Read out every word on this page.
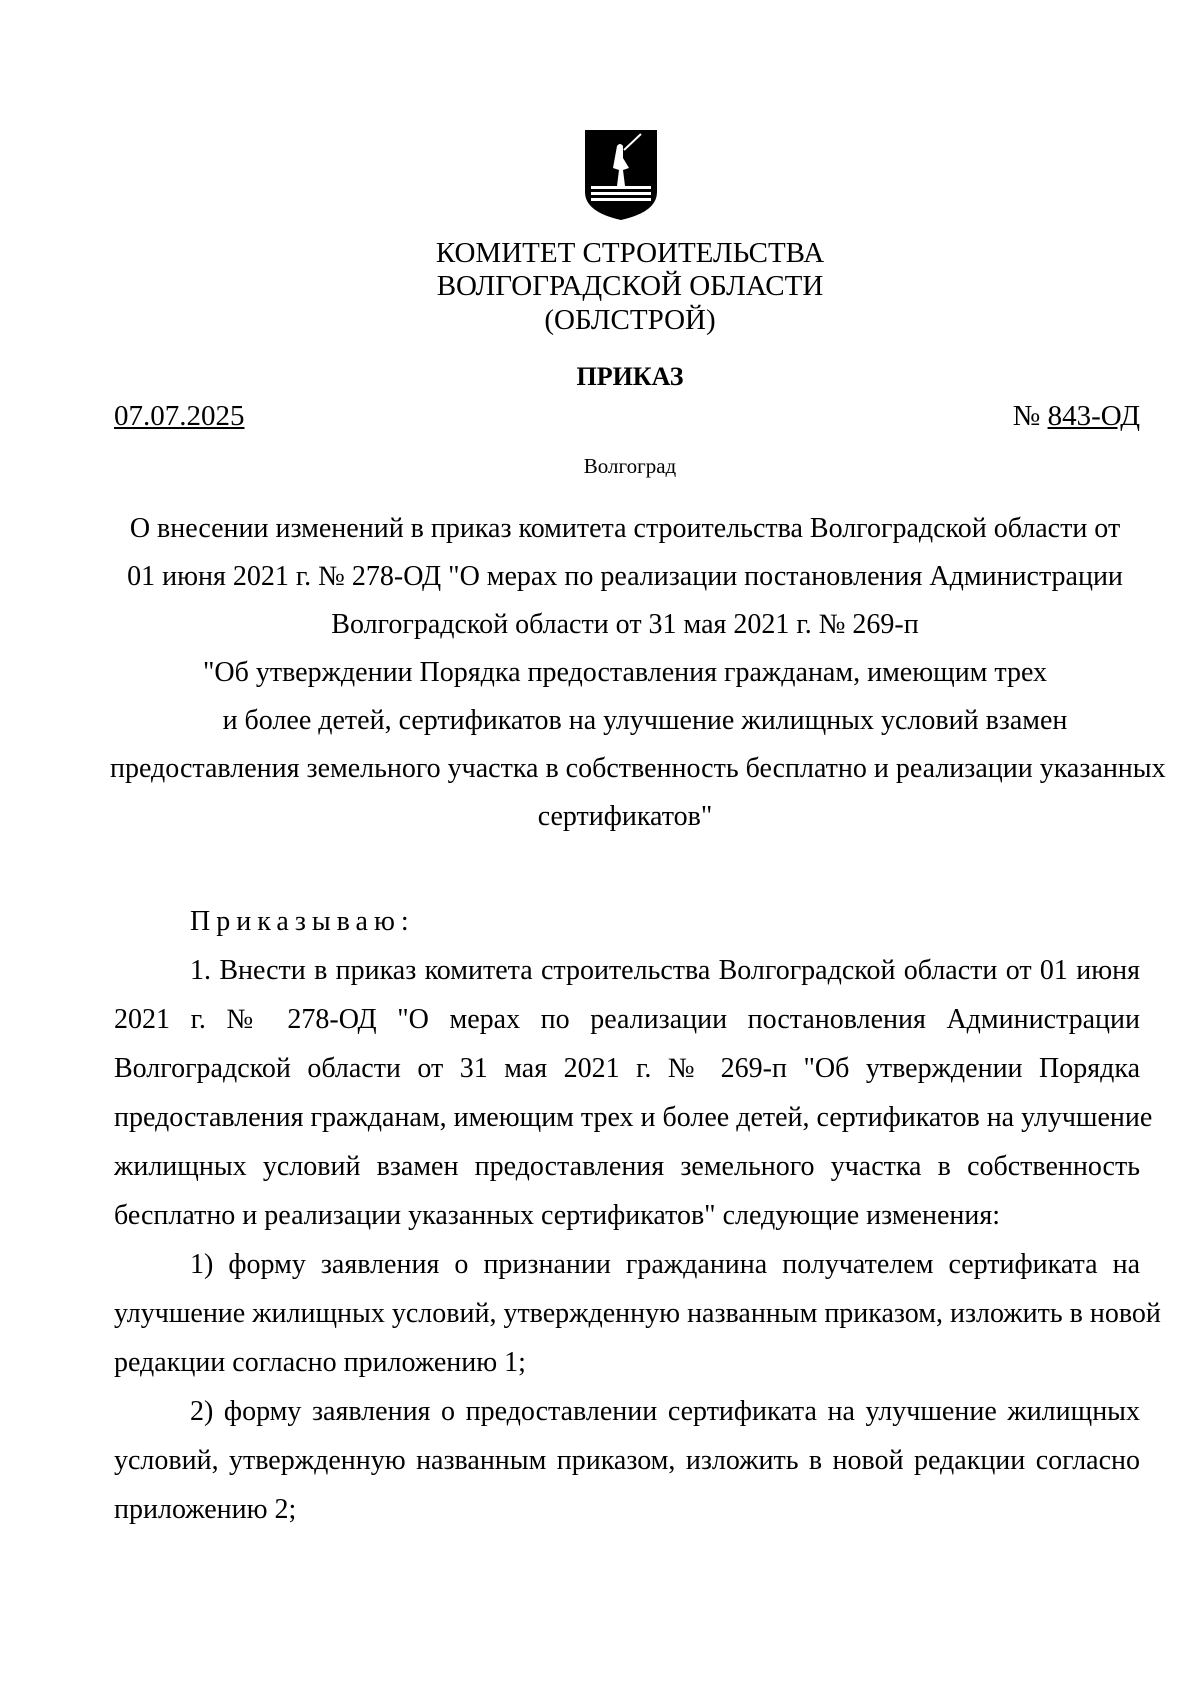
КОМИТЕТ СТРОИТЕЛЬСТВА
ВОЛГОГРАДСКОЙ ОБЛАСТИ
(ОБЛСТРОЙ)
ПРИКАЗ
07.07.2025	№ 843-ОД
Волгоград
О внесении изменений в приказ комитета строительства Волгоградской области от
01 июня 2021 г. № 278-ОД "О мерах по реализации постановления Администрации
Волгоградской области от 31 мая 2021 г. № 269-п
"Об утверждении Порядка предоставления гражданам, имеющим трех
и более детей, сертификатов на улучшение жилищных условий взамен
предоставления земельного участка в собственность бесплатно и реализации указанных
сертификатов"
Приказываю:
1. Внести в приказ комитета строительства Волгоградской области от 01 июня
2021 г. № 278-ОД "О мерах по реализации постановления Администрации
Волгоградской области от 31 мая 2021 г. № 269-п "Об утверждении Порядка
предоставления гражданам, имеющим трех и более детей, сертификатов на улучшение
жилищных условий взамен предоставления земельного участка в собственность
бесплатно и реализации указанных сертификатов" следующие изменения:
1) форму заявления о признании гражданина получателем сертификата на
улучшение жилищных условий, утвержденную названным приказом, изложить в новой
редакции согласно приложению 1;
2) форму заявления о предоставлении сертификата на улучшение жилищных
условий, утвержденную названным приказом, изложить в новой редакции согласно
приложению 2;
